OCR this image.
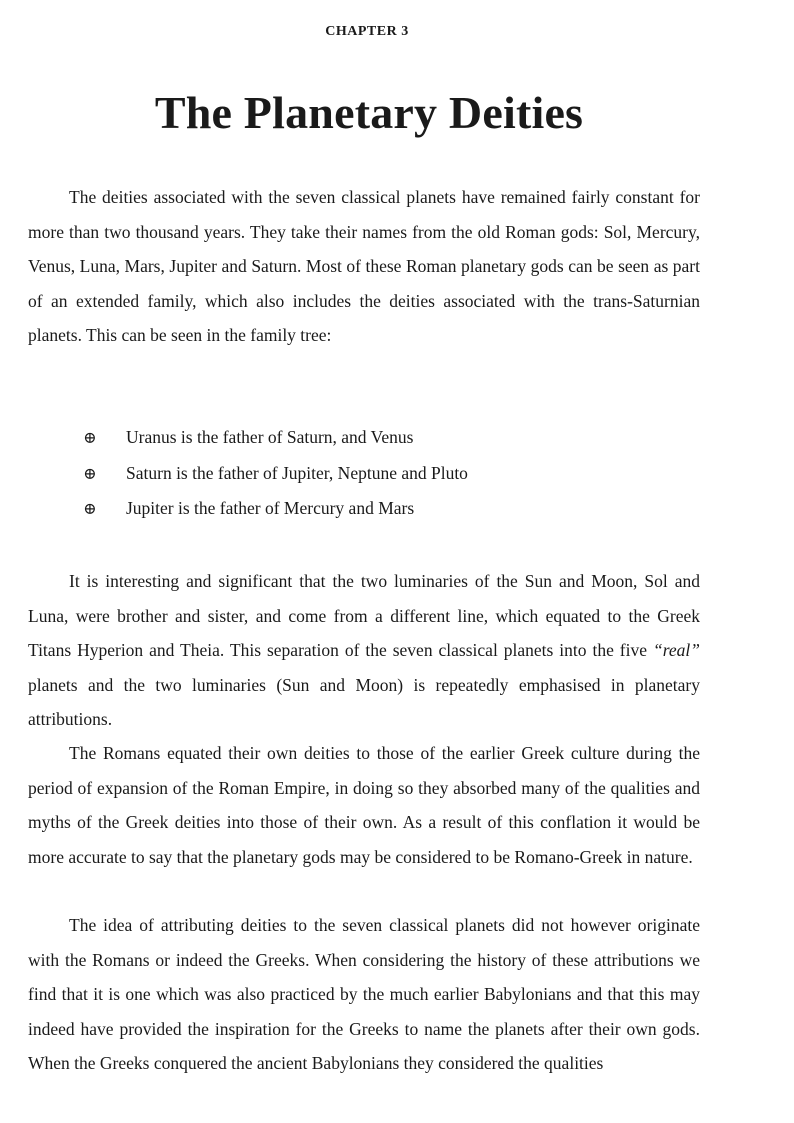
CHAPTER 3
The Planetary Deities

The deities associated with the seven classical planets have remained fairly constant for more than two thousand years. They take their names from the old Roman gods: Sol, Mercury, Venus, Luna, Mars, Jupiter and Saturn. Most of these Roman planetary gods can be seen as part of an extended family, which also includes the deities associated with the trans-Saturnian planets. This can be seen in the family tree:

⊕ Uranus is the father of Saturn, and Venus
⊕ Saturn is the father of Jupiter, Neptune and Pluto
⊕ Jupiter is the father of Mercury and Mars

It is interesting and significant that the two luminaries of the Sun and Moon, Sol and Luna, were brother and sister, and come from a different line, which equated to the Greek Titans Hyperion and Theia. This separation of the seven classical planets into the five “real” planets and the two luminaries (Sun and Moon) is repeatedly emphasised in planetary attributions.

The Romans equated their own deities to those of the earlier Greek culture during the period of expansion of the Roman Empire, in doing so they absorbed many of the qualities and myths of the Greek deities into those of their own. As a result of this conflation it would be more accurate to say that the planetary gods may be considered to be Romano-Greek in nature.

The idea of attributing deities to the seven classical planets did not however originate with the Romans or indeed the Greeks. When considering the history of these attributions we find that it is one which was also practiced by the much earlier Babylonians and that this may indeed have provided the inspiration for the Greeks to name the planets after their own gods. When the Greeks conquered the ancient Babylonians they considered the qualities
